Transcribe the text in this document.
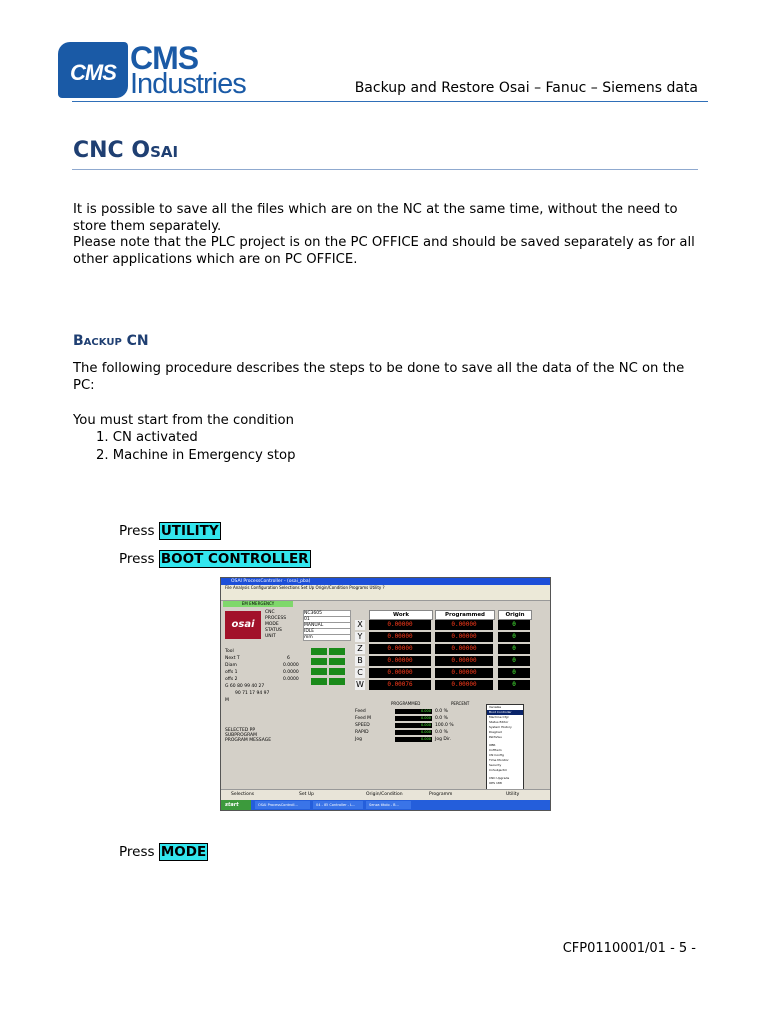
CMS CMS
Industries	Backup and Restore Osai – Fanuc – Siemens data
CNC Osai
It is possible to save all the files which are on the NC at the same time, without the need to store them separately.
Please note that the PLC project is on the PC OFFICE and should be saved separately as for all other applications which are on PC OFFICE.
Backup CN
The following procedure describes the steps to be done to save all the data of the NC on the PC:
You must start from the condition
1. CN activated
2. Machine in Emergency stop
Press UTILITY
Press BOOT CONTROLLER
OSAI ProcessController - (osai_pba)
File Analysis Configuration Selections Set Up Origin/Condition Programs Utility ?
EM EMERGENCY
osai
CNC	NC3605
PROCESS	01
MODE	MANUAL
STATUS	IDLE
UNIT	mm
Work	Programmed	Origin
X	0.00000	0.00000	0
Y	0.00000	0.00000	0
Z	0.00000	0.00000	0
B	0.00000	0.00000	0
C	0.00000	0.00000	0
W	0.00076	0.00000	0
Tool
Next T	6
Diam	0.0000
offs 1	0.0000
offs 2	0.0000
G 60 80 99 40 27
90 71 17 94 97
M
SELECTED PP
SUBPROGRAM
PROGRAM MESSAGE
PROGRAMMED	PERCENT
Feed	0.000 0.0 %
Feed M	0.000 0.0 %
SPEED	0.000 100.0 %
RAPID	0.000 0.0 %
Jog	0.000 Jog Dir.
Variable
Boot Controller
Machine Cfgl
Status Editor
System History
DiagCad
PathVisu
OBR
CnfHwm
CN Config
Time Monitor
Security
CnSubjectm
CNC Upgrade
OPS 188
Selections	Set Up	Origin/Condition	Programm	Utility
start	OSAI ProcessControll...	04 - IEI Controller - L...	Senza titolo - B...
Press MODE
CFP0110001/01 - 5 -
